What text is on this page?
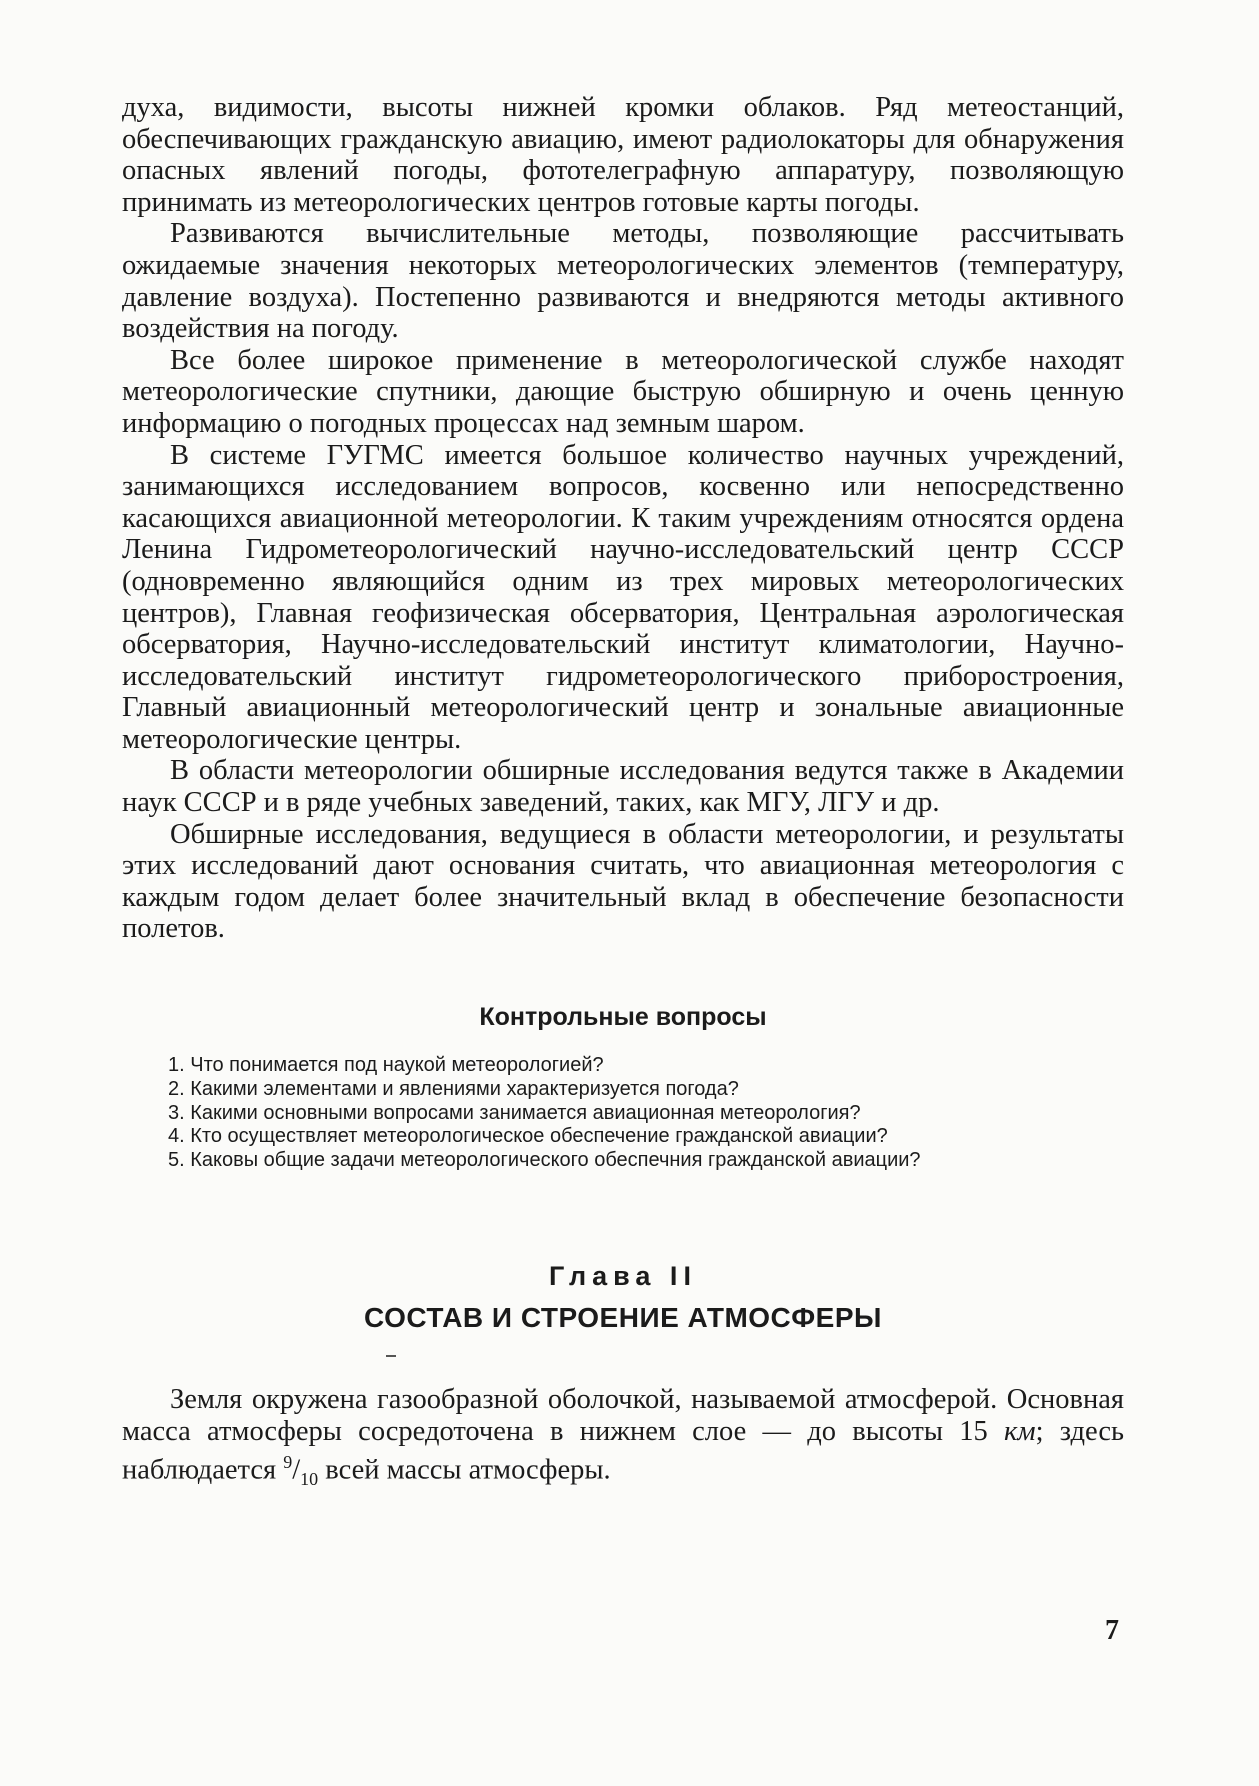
духа, видимости, высоты нижней кромки облаков. Ряд метеостанций, обеспечивающих гражданскую авиацию, имеют радиолокаторы для обнаружения опасных явлений погоды, фототелеграфную аппаратуру, позволяющую принимать из метеорологических центров готовые карты погоды.

Развиваются вычислительные методы, позволяющие рассчитывать ожидаемые значения некоторых метеорологических элементов (температуру, давление воздуха). Постепенно развиваются и внедряются методы активного воздействия на погоду.

Все более широкое применение в метеорологической службе находят метеорологические спутники, дающие быструю обширную и очень ценную информацию о погодных процессах над земным шаром.

В системе ГУГМС имеется большое количество научных учреждений, занимающихся исследованием вопросов, косвенно или непосредственно касающихся авиационной метеорологии. К таким учреждениям относятся ордена Ленина Гидрометеорологический научно-исследовательский центр СССР (одновременно являющийся одним из трех мировых метеорологических центров), Главная геофизическая обсерватория, Центральная аэрологическая обсерватория, Научно-исследовательский институт климатологии, Научно-исследовательский институт гидрометеорологического приборостроения, Главный авиационный метеорологический центр и зональные авиационные метеорологические центры.

В области метеорологии обширные исследования ведутся также в Академии наук СССР и в ряде учебных заведений, таких, как МГУ, ЛГУ и др.

Обширные исследования, ведущиеся в области метеорологии, и результаты этих исследований дают основания считать, что авиационная метеорология с каждым годом делает более значительный вклад в обеспечение безопасности полетов.

Контрольные вопросы
1. Что понимается под наукой метеорологией?
2. Какими элементами и явлениями характеризуется погода?
3. Какими основными вопросами занимается авиационная метеорология?
4. Кто осуществляет метеорологическое обеспечение гражданской авиации?
5. Каковы общие задачи метеорологического обеспечния гражданской авиации?
Глава II
СОСТАВ И СТРОЕНИЕ АТМОСФЕРЫ

Земля окружена газообразной оболочкой, называемой атмосферой. Основная масса атмосферы сосредоточена в нижнем слое — до высоты 15 км; здесь наблюдается $^9/_{10}$ всей массы атмосферы.

7
